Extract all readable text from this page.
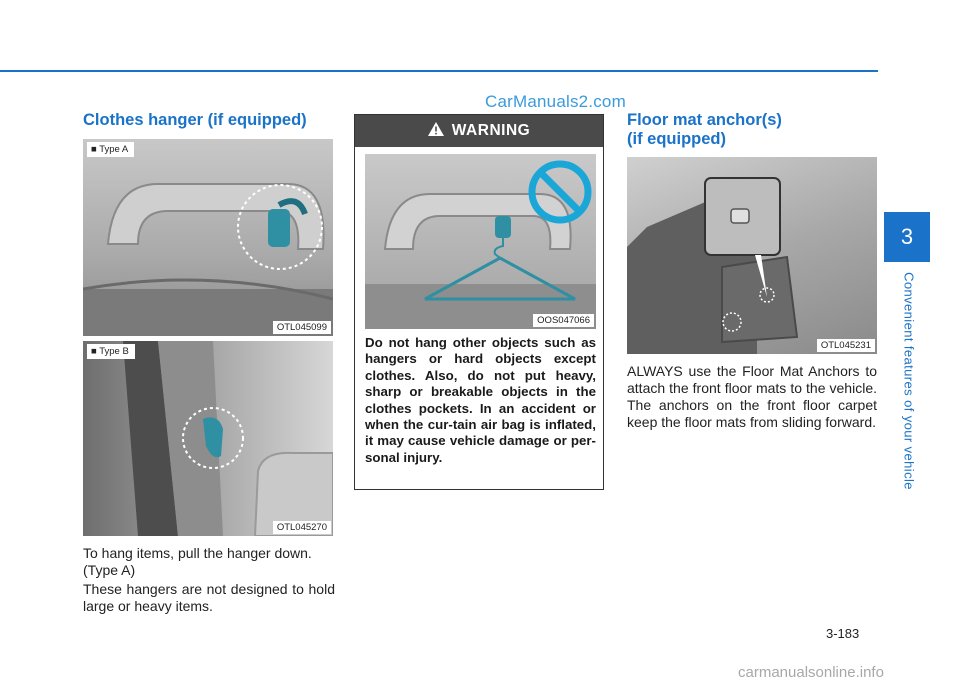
CarManuals2.com
Clothes hanger (if equipped)
■ Type A
OTL045099
■ Type B
OTL045270

To hang items, pull the hanger down. (Type A)

These hangers are not designed to hold large or heavy items.

WARNING
OOS047066

Do not hang other objects such as hangers or hard objects except clothes. Also, do not put heavy, sharp or breakable objects in the clothes pockets. In an accident or when the cur-tain air bag is inflated, it may cause vehicle damage or per-sonal injury.

Floor mat anchor(s)
(if equipped)
OTL045231

ALWAYS use the Floor Mat Anchors to attach the front floor mats to the vehicle. The anchors on the front floor carpet keep the floor mats from sliding forward.

3
Convenient features of your vehicle
3-183
carmanualsonline.info
